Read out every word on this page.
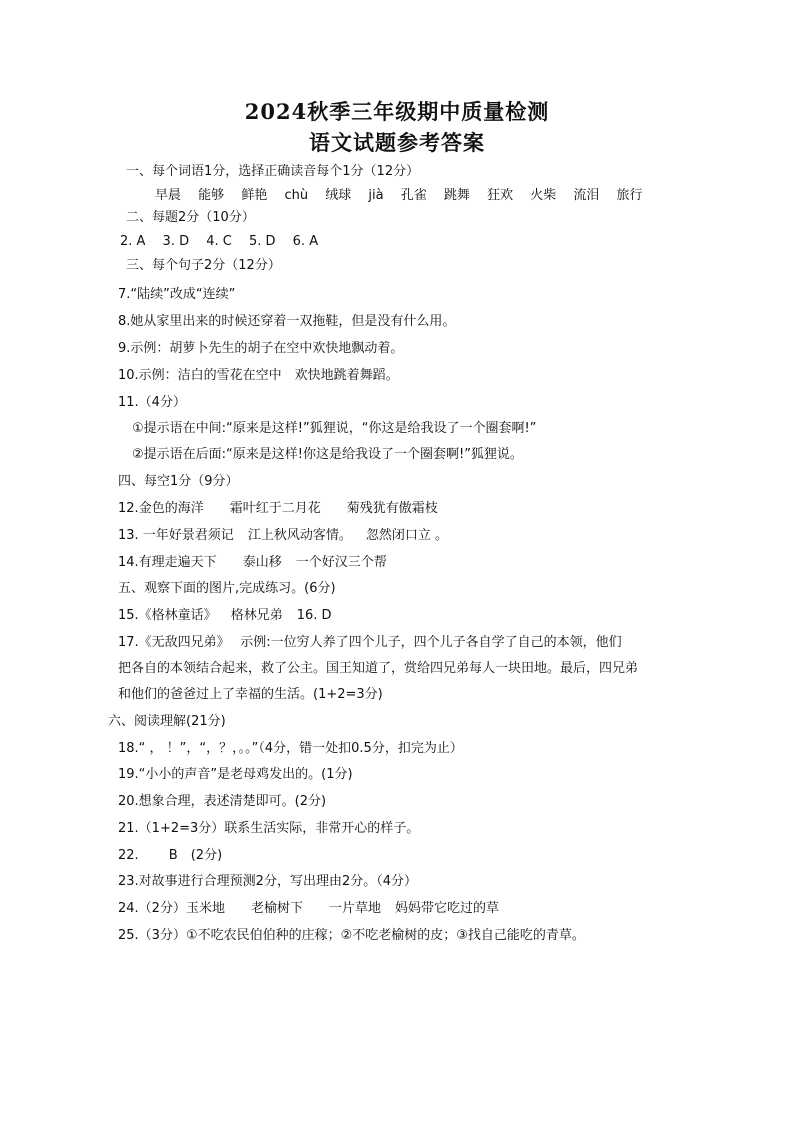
2024秋季三年级期中质量检测
语文试题参考答案
一、每个词语1分，选择正确读音每个1分（12分）
早晨 能够 鲜艳 chù 绒球 jià 孔雀 跳舞 狂欢 火柴 流泪 旅行
二、每题2分（10分）
2. A　 3. D　 4. C　 5. D　 6. A
三、每个句子2分（12分）
7.“陆续”改成“连续”
8.她从家里出来的时候还穿着一双拖鞋，但是没有什么用。
9.示例：胡萝卜先生的胡子在空中欢快地飘动着。
10.示例：洁白的雪花在空中　欢快地跳着舞蹈。
11.（4分）
①提示语在中间:“原来是这样!”狐狸说，“你这是给我设了一个圈套啊!”
②提示语在后面:“原来是这样!你这是给我设了一个圈套啊!”狐狸说。
四、每空1分（9分）
12.金色的海洋 霜叶红于二月花 菊残犹有傲霜枝
13. 一年好景君须记 江上秋风动客情。 忽然闭口立 。
14.有理走遍天下 泰山移 一个好汉三个帮
五、观察下面的图片,完成练习。(6分)
15.《格林童话》 格林兄弟 16. D
17.《无敌四兄弟》　 示例:一位穷人养了四个儿子，四个儿子各自学了自己的本领，他们
把各自的本领结合起来，救了公主。国王知道了，赏给四兄弟每人一块田地。最后，四兄弟
和他们的爸爸过上了幸福的生活。(1+2=3分)
六、阅读理解(21分)
18.“ ， ！”，“，？，。。”（4分，错一处扣0.5分，扣完为止）
19.“小小的声音”是老母鸡发出的。(1分)
20.想象合理，表述清楚即可。(2分)
21.（1+2=3分）联系生活实际，非常开心的样子。
22.　　 B　(2分)
23.对故事进行合理预测2分，写出理由2分。（4分）
24.（2分）玉米地 老榆树下 一片草地 妈妈带它吃过的草
25.（3分）①不吃农民伯伯种的庄稼；②不吃老榆树的皮；③找自己能吃的青草。
